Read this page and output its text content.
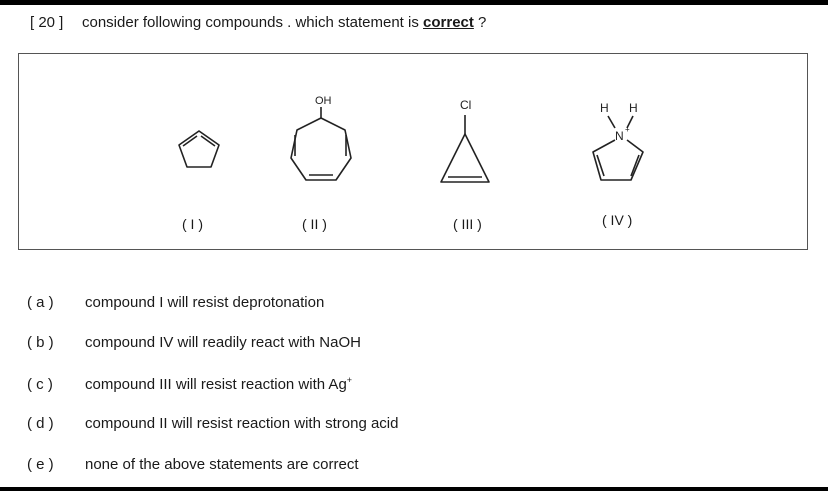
[ 20 ] consider following compounds . which statement is correct ?
OH	Cl	H H
N +
( I )	( II )	( III )	( IV )
( a ) compound I will resist deprotonation
( b ) compound IV will readily react with NaOH
( c ) compound III will resist reaction with Ag+
( d ) compound II will resist reaction with strong acid
( e ) none of the above statements are correct
